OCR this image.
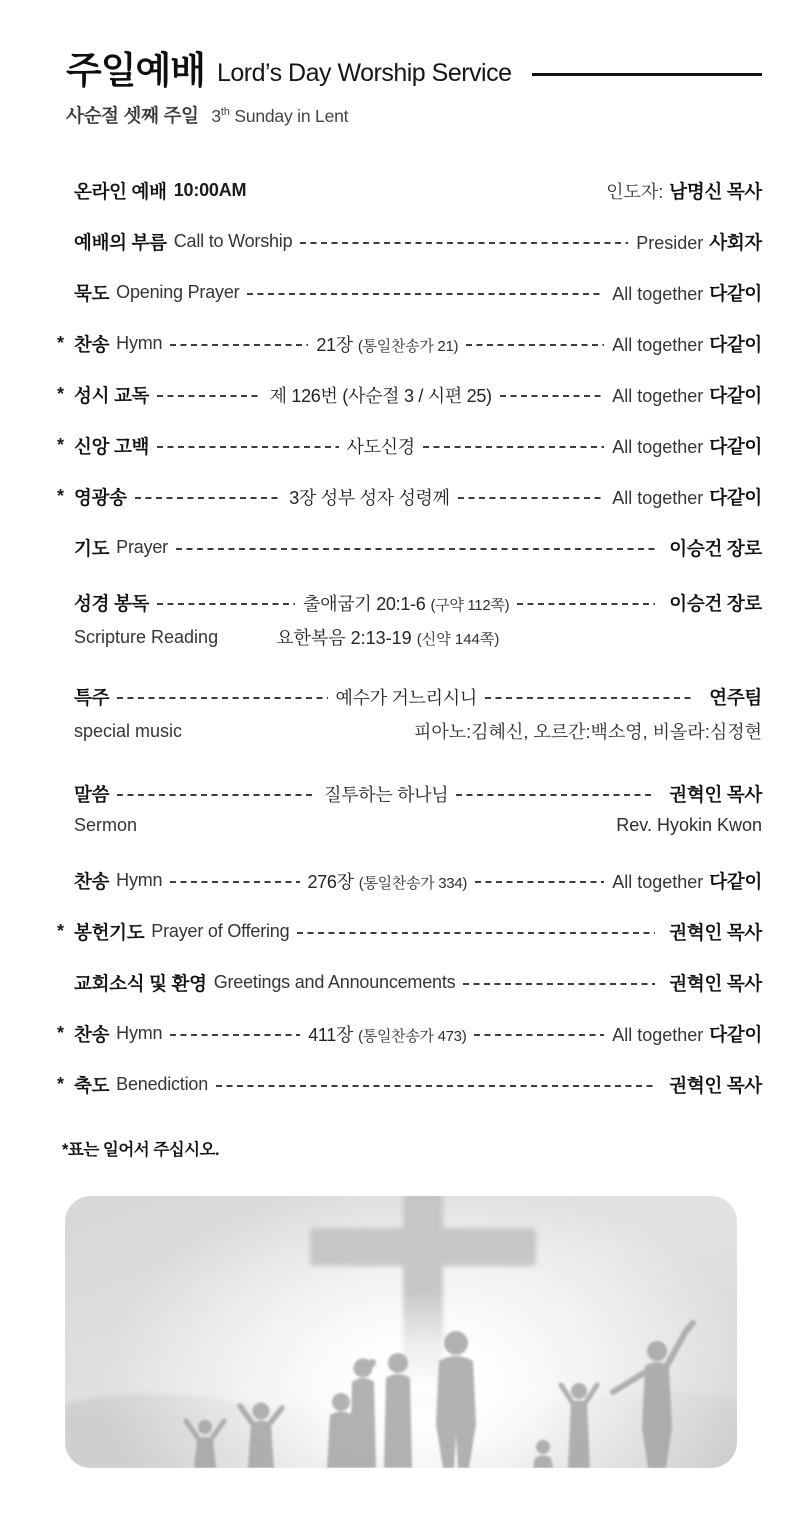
주일예배 Lord’s Day Worship Service
사순절 셋째 주일 3th Sunday in Lent
온라인 예배 10:00AM	인도자: 남명신 목사
예배의 부름 Call to Worship	Presider 사회자
묵도 Opening Prayer	All together 다같이
* 찬송 Hymn	21장 (통일찬송가 21)	All together 다같이
* 성시 교독	제 126번 (사순절 3 / 시편 25)	All together 다같이
* 신앙 고백	사도신경	All together 다같이
* 영광송	3장 성부 성자 성령께	All together 다같이
기도 Prayer	이승건 장로
성경 봉독	출애굽기 20:1-6 (구약 112쪽)	이승건 장로
Scripture Reading	요한복음 2:13-19 (신약 144쪽)
특주	예수가 거느리시니	연주팀
special music	피아노:김혜신, 오르간:백소영, 비올라:심정현
말씀	질투하는 하나님	권혁인 목사
Sermon	Rev. Hyokin Kwon
찬송 Hymn	276장 (통일찬송가 334)	All together 다같이
* 봉헌기도 Prayer of Offering	권혁인 목사
교회소식 및 환영 Greetings and Announcements	권혁인 목사
* 찬송 Hymn	411장 (통일찬송가 473)	All together 다같이
* 축도 Benediction	권혁인 목사
*표는 일어서 주십시오.
